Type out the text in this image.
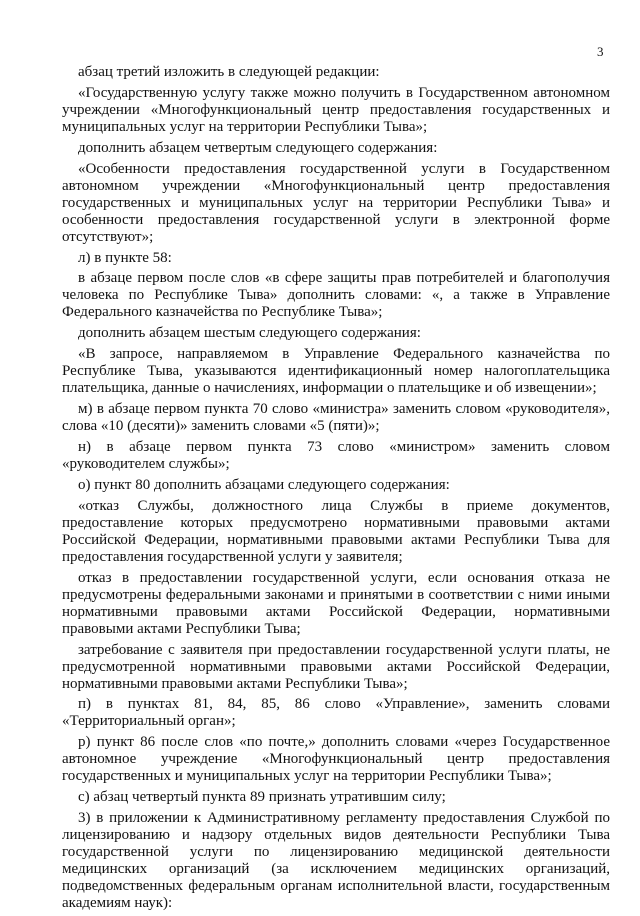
3

абзац третий изложить в следующей редакции:

«Государственную услугу также можно получить в Государственном автономном учреждении «Многофункциональный центр предоставления государственных и муниципальных услуг на территории Республики Тыва»;

дополнить абзацем четвертым следующего содержания:

«Особенности предоставления государственной услуги в Государственном автономном учреждении «Многофункциональный центр предоставления государственных и муниципальных услуг на территории Республики Тыва» и особенности предоставления государственной услуги в электронной форме отсутствуют»;

л) в пункте 58:

в абзаце первом после слов «в сфере защиты прав потребителей и благополучия человека по Республике Тыва» дополнить словами: «, а также в Управление Федерального казначейства по Республике Тыва»;

дополнить абзацем шестым следующего содержания:

«В запросе, направляемом в Управление Федерального казначейства по Республике Тыва, указываются идентификационный номер налогоплательщика плательщика, данные о начислениях, информации о плательщике и об извещении»;

м) в абзаце первом пункта 70 слово «министра» заменить словом «руководителя», слова «10 (десяти)» заменить словами «5 (пяти)»;

н) в абзаце первом пункта 73 слово «министром» заменить словом «руководителем службы»;

о) пункт 80 дополнить абзацами следующего содержания:

«отказ Службы, должностного лица Службы в приеме документов, предоставление которых предусмотрено нормативными правовыми актами Российской Федерации, нормативными правовыми актами Республики Тыва для предоставления государственной услуги у заявителя;

отказ в предоставлении государственной услуги, если основания отказа не предусмотрены федеральными законами и принятыми в соответствии с ними иными нормативными правовыми актами Российской Федерации, нормативными правовыми актами Республики Тыва;

затребование с заявителя при предоставлении государственной услуги платы, не предусмотренной нормативными правовыми актами Российской Федерации, нормативными правовыми актами Республики Тыва»;

п) в пунктах 81, 84, 85, 86 слово «Управление», заменить словами «Территориальный орган»;

р) пункт 86 после слов «по почте,» дополнить словами «через Государственное автономное учреждение «Многофункциональный центр предоставления государственных и муниципальных услуг на территории Республики Тыва»;

с) абзац четвертый пункта 89 признать утратившим силу;

3) в приложении к Административному регламенту предоставления Службой по лицензированию и надзору отдельных видов деятельности Республики Тыва государственной услуги по лицензированию медицинской деятельности медицинских организаций (за исключением медицинских организаций, подведомственных федеральным органам исполнительной власти, государственным академиям наук):
